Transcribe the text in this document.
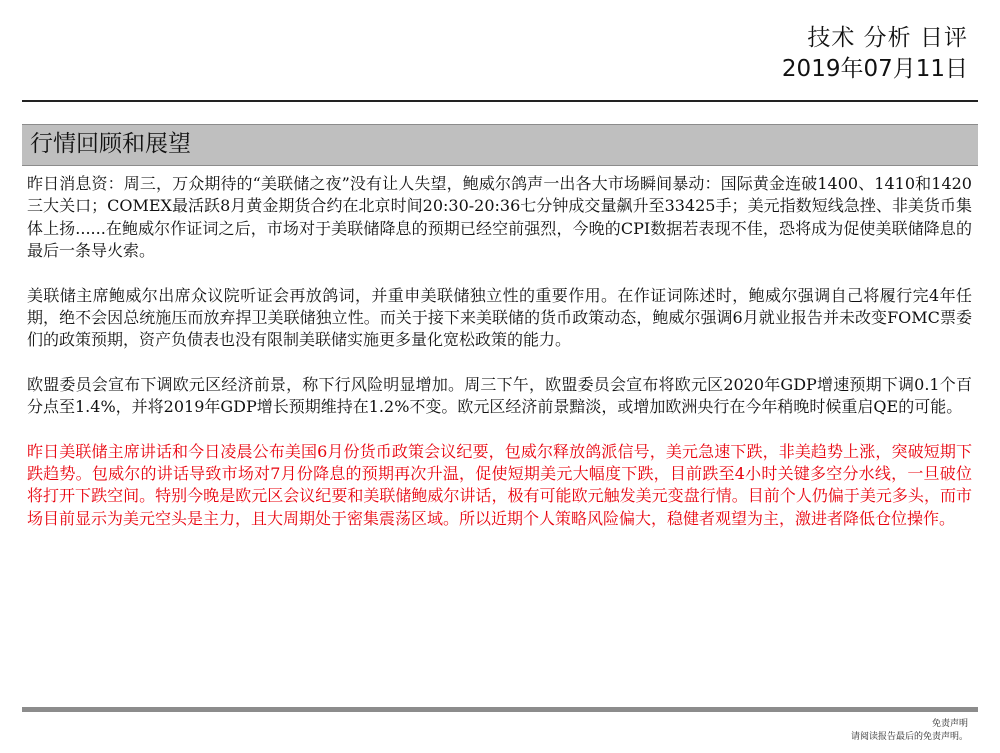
技术 分析 日评
2019年07月11日
行情回顾和展望

昨日消息资：周三，万众期待的“美联储之夜”没有让人失望，鲍威尔鸽声一出各大市场瞬间暴动：国际黄金连破1400、1410和1420三大关口；COMEX最活跃8月黄金期货合约在北京时间20:30-20:36七分钟成交量飙升至33425手；美元指数短线急挫、非美货币集体上扬......在鲍威尔作证词之后，市场对于美联储降息的预期已经空前强烈，今晚的CPI数据若表现不佳，恐将成为促使美联储降息的最后一条导火索。

美联储主席鲍威尔出席众议院听证会再放鸽词，并重申美联储独立性的重要作用。在作证词陈述时，鲍威尔强调自己将履行完4年任期，绝不会因总统施压而放弃捍卫美联储独立性。而关于接下来美联储的货币政策动态，鲍威尔强调6月就业报告并未改变FOMC票委们的政策预期，资产负债表也没有限制美联储实施更多量化宽松政策的能力。

欧盟委员会宣布下调欧元区经济前景，称下行风险明显增加。周三下午，欧盟委员会宣布将欧元区2020年GDP增速预期下调0.1个百分点至1.4%，并将2019年GDP增长预期维持在1.2%不变。欧元区经济前景黯淡，或增加欧洲央行在今年稍晚时候重启QE的可能。

昨日美联储主席讲话和今日凌晨公布美国6月份货币政策会议纪要，包威尔释放鸽派信号，美元急速下跌，非美趋势上涨，突破短期下跌趋势。包威尔的讲话导致市场对7月份降息的预期再次升温，促使短期美元大幅度下跌，目前跌至4小时关键多空分水线，一旦破位将打开下跌空间。特别今晚是欧元区会议纪要和美联储鲍威尔讲话，极有可能欧元触发美元变盘行情。目前个人仍偏于美元多头，而市场目前显示为美元空头是主力，且大周期处于密集震荡区域。所以近期个人策略风险偏大，稳健者观望为主，激进者降低仓位操作。

免责声明
请阅读报告最后的免责声明。
